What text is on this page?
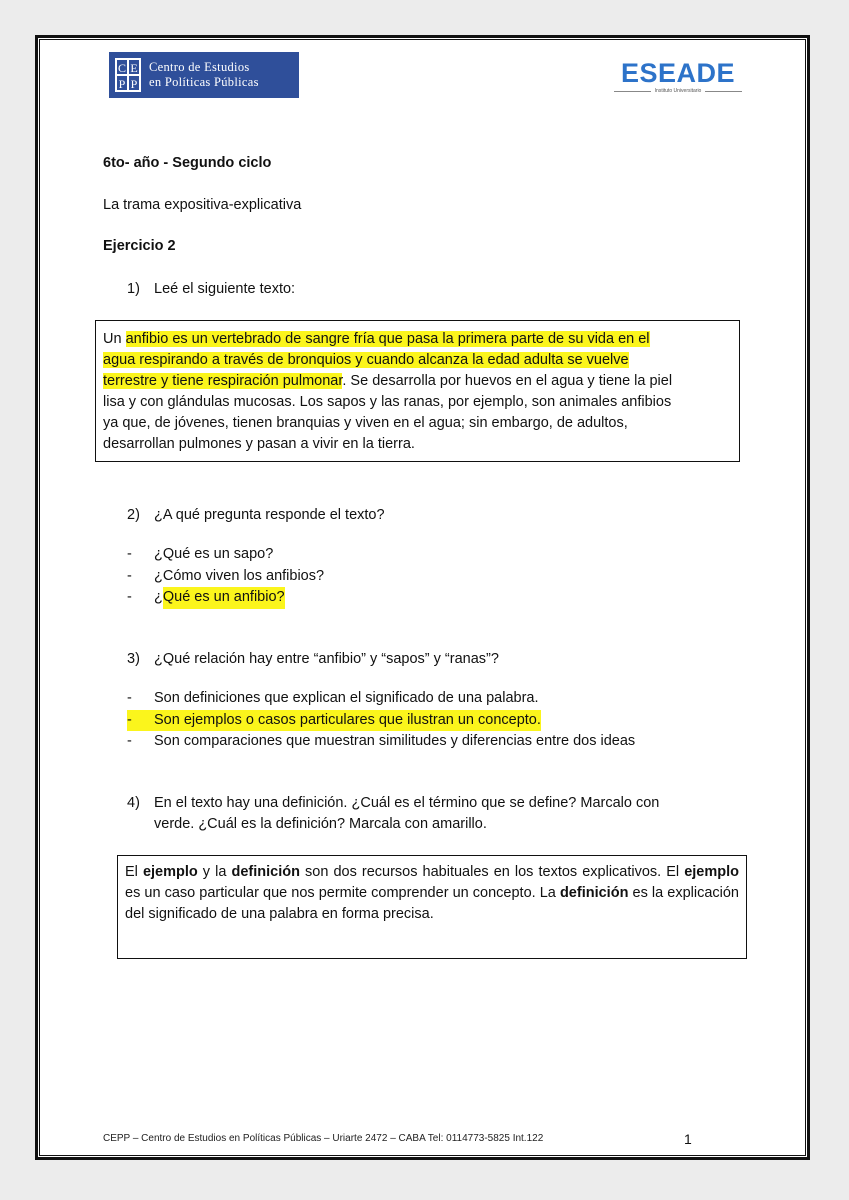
C E
P P
Centro de Estudios
en Políticas Públicas	ESEADE
Instituto Universitario
6to- año - Segundo ciclo
La trama expositiva-explicativa
Ejercicio 2
1) Leé el siguiente texto:

Un anfibio es un vertebrado de sangre fría que pasa la primera parte de su vida en el

agua respirando a través de bronquios y cuando alcanza la edad adulta se vuelve

terrestre y tiene respiración pulmonar. Se desarrolla por huevos en el agua y tiene la piel

lisa y con glándulas mucosas. Los sapos y las ranas, por ejemplo, son animales anfibios

ya que, de jóvenes, tienen branquias y viven en el agua; sin embargo, de adultos,

desarrollan pulmones y pasan a vivir en la tierra.

2) ¿A qué pregunta responde el texto?
-	¿Qué es un sapo?
-	¿Cómo viven los anfibios?
-	¿ Qué es un anfibio?
3) ¿Qué relación hay entre “anfibio” y “sapos” y “ranas”?
-	Son definiciones que explican el significado de una palabra.
-	Son ejemplos o casos particulares que ilustran un concepto.
-	Son comparaciones que muestran similitudes y diferencias entre dos ideas
4) En el texto hay una definición. ¿Cuál es el término que se define? Marcalo con
verde. ¿Cuál es la definición? Marcala con amarillo.

El ejemplo y la definición son dos recursos habituales en los textos explicativos. El ejemplo es un caso particular que nos permite comprender un concepto. La definición es la explicación del significado de una palabra en forma precisa.

CEPP – Centro de Estudios en Políticas Públicas – Uriarte 2472 – CABA Tel: 0114773-5825 Int.122	1
